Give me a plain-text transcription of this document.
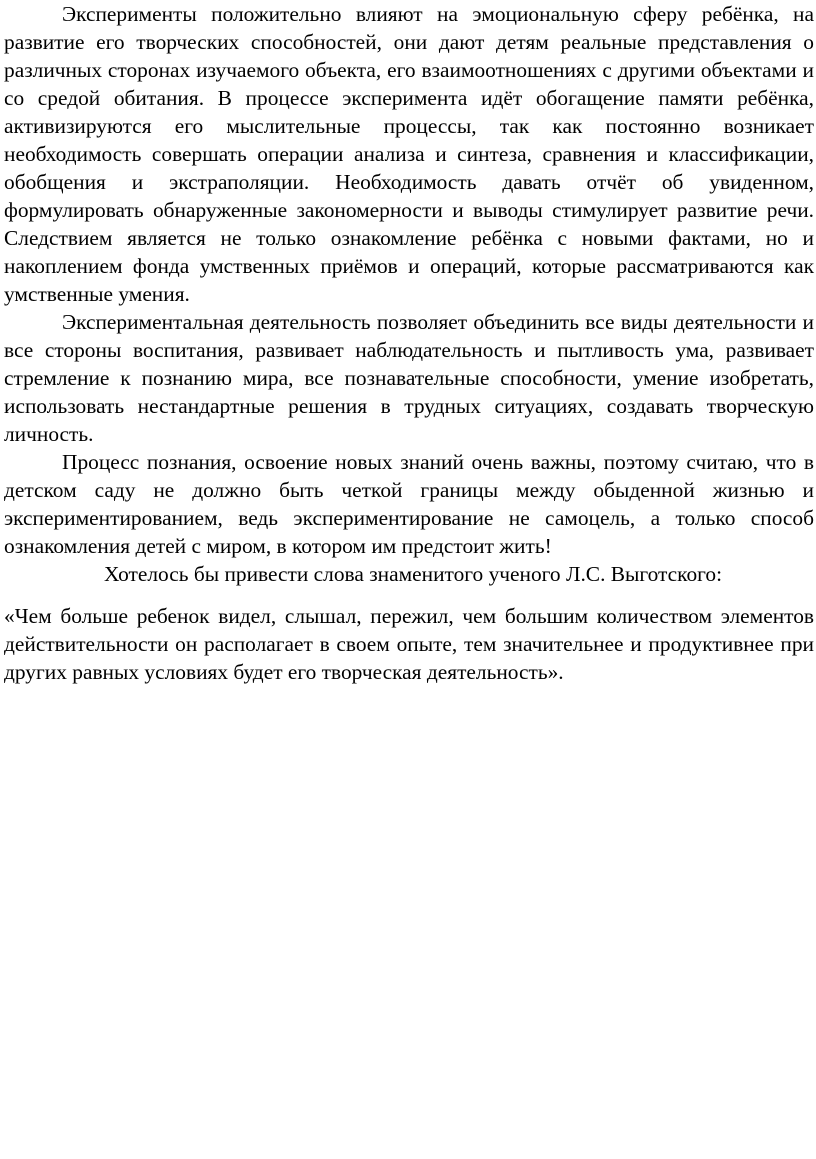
Эксперименты положительно влияют на эмоциональную сферу ребёнка, на развитие его творческих способностей, они дают детям реальные представления о различных сторонах изучаемого объекта, его взаимоотношениях с другими объектами и со средой обитания. В процессе эксперимента идёт обогащение памяти ребёнка, активизируются его мыслительные процессы, так как постоянно возникает необходимость совершать операции анализа и синтеза, сравнения и классификации, обобщения и экстраполяции. Необходимость давать отчёт об увиденном, формулировать обнаруженные закономерности и выводы стимулирует развитие речи. Следствием является не только ознакомление ребёнка с новыми фактами, но и накоплением фонда умственных приёмов и операций, которые рассматриваются как умственные умения.

Экспериментальная деятельность позволяет объединить все виды деятельности и все стороны воспитания, развивает наблюдательность и пытливость ума, развивает стремление к познанию мира, все познавательные способности, умение изобретать, использовать нестандартные решения в трудных ситуациях, создавать творческую личность.

Процесс познания, освоение новых знаний очень важны, поэтому считаю, что в детском саду не должно быть четкой границы между обыденной жизнью и экспериментированием, ведь экспериментирование не самоцель, а только способ ознакомления детей с миром, в котором им предстоит жить!

Хотелось бы привести слова знаменитого ученого Л.С. Выготского:

«Чем больше ребенок видел, слышал, пережил, чем большим количеством элементов действительности он располагает в своем опыте, тем значительнее и продуктивнее при других равных условиях будет его творческая деятельность».
